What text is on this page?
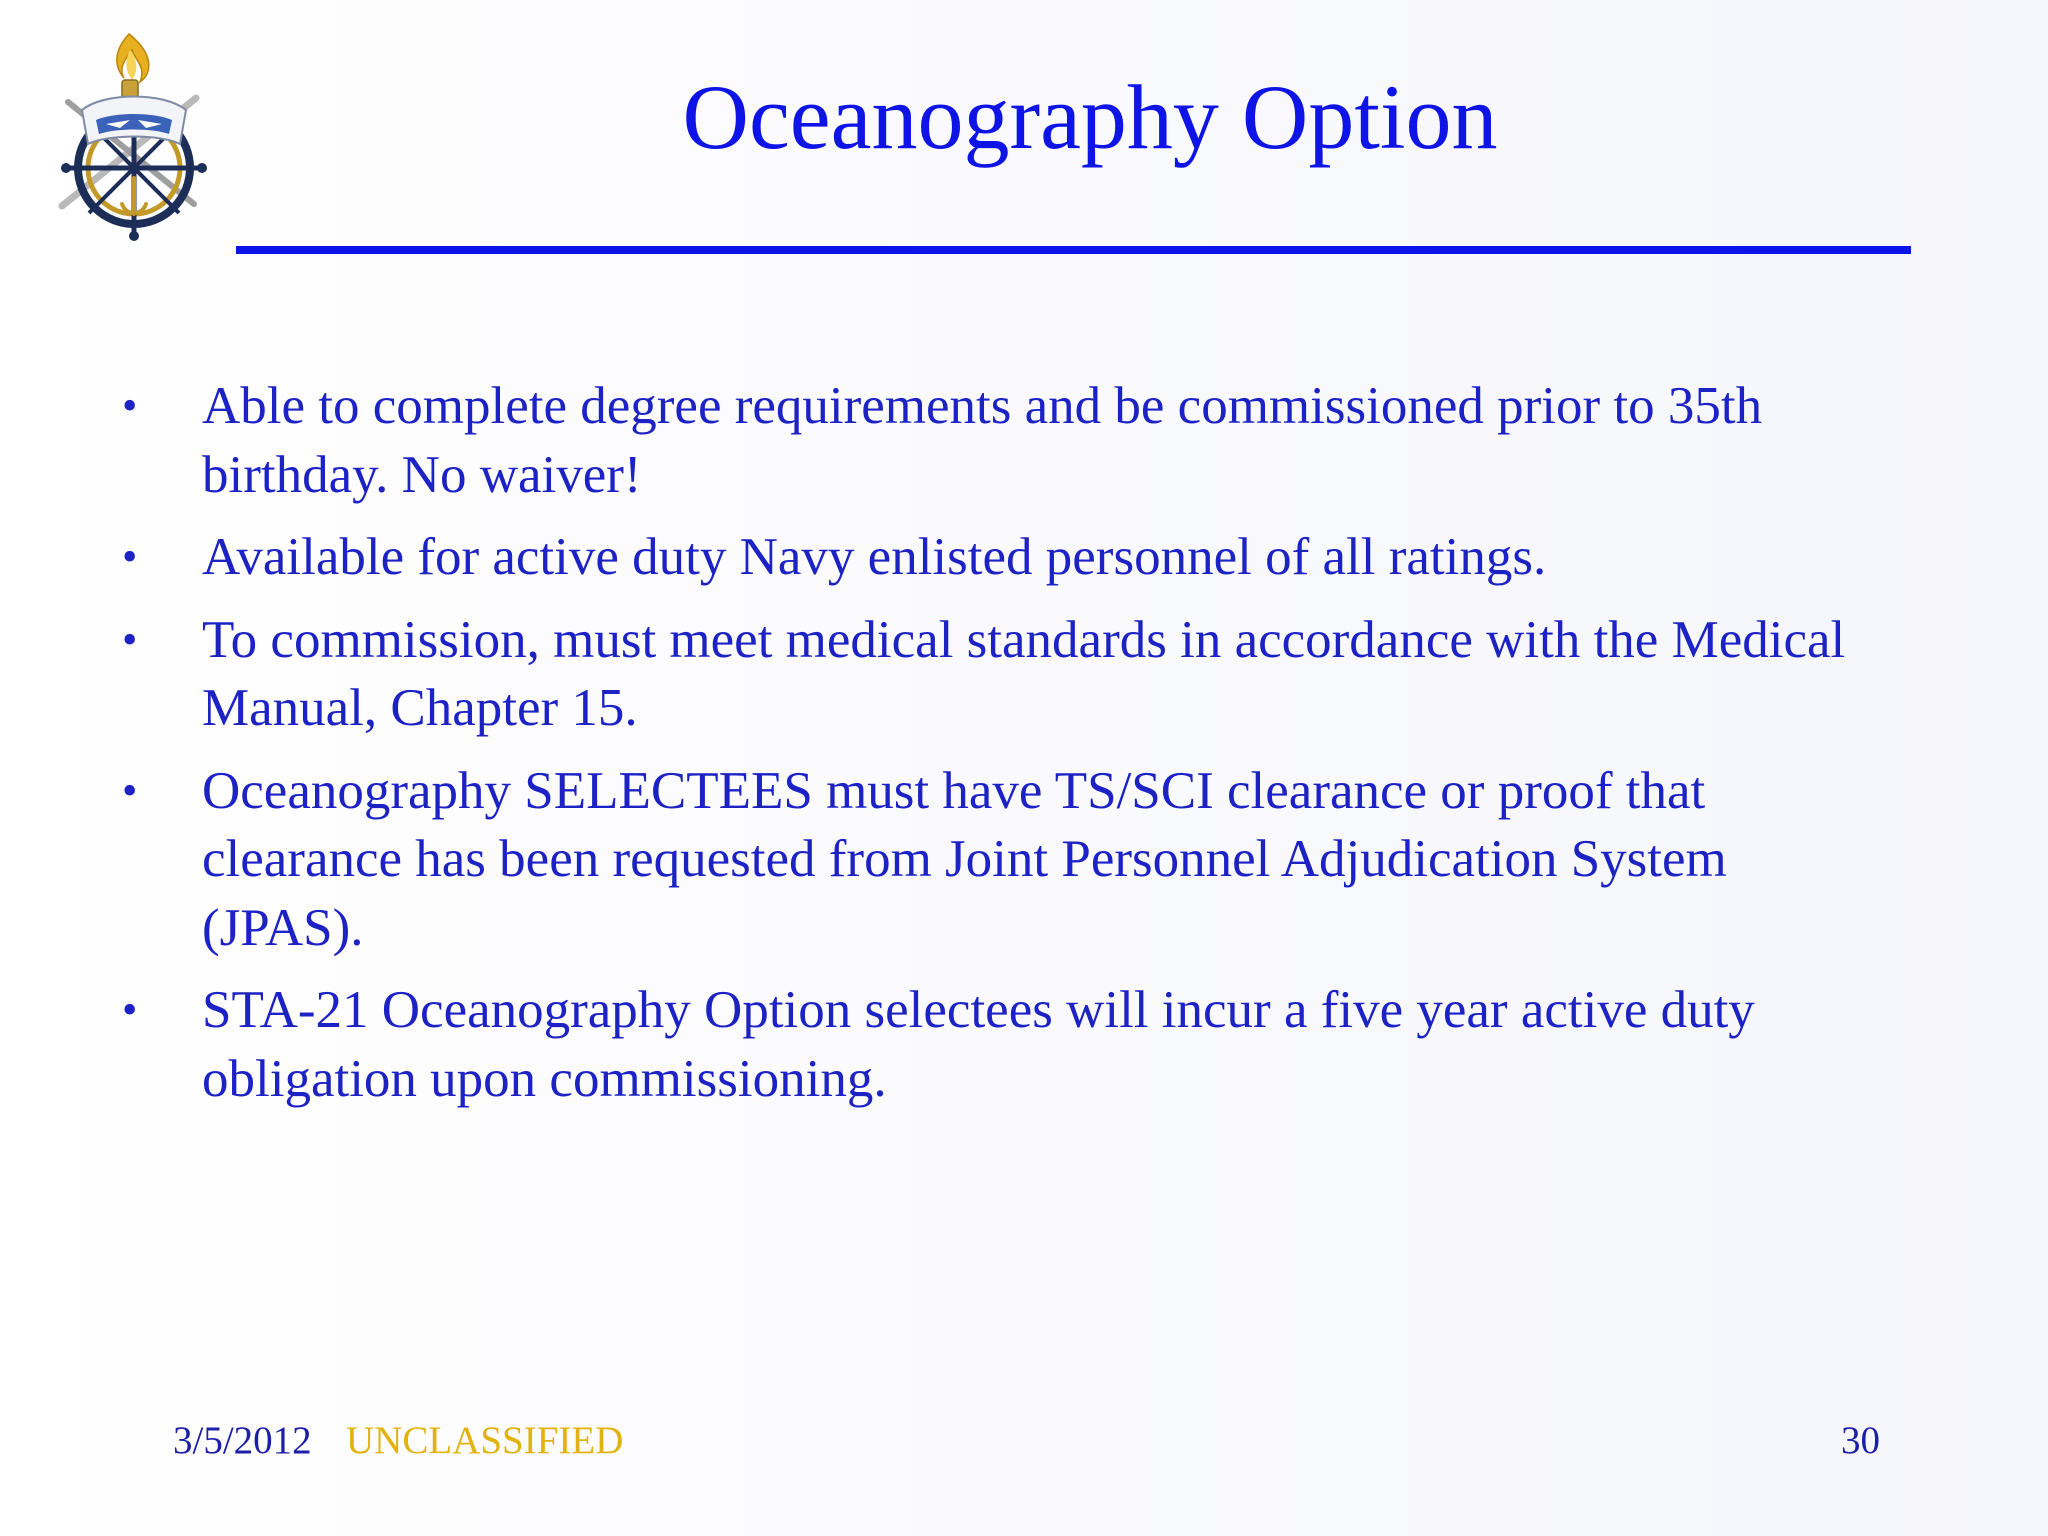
Oceanography Option
• Able to complete degree requirements and be commissioned prior to 35th birthday. No waiver!
• Available for active duty Navy enlisted personnel of all ratings.
• To commission, must meet medical standards in accordance with the Medical Manual, Chapter 15.
• Oceanography SELECTEES must have TS/SCI clearance or proof that clearance has been requested from Joint Personnel Adjudication System (JPAS).
• STA-21 Oceanography Option selectees will incur a five year active duty obligation upon commissioning.
3/5/2012 UNCLASSIFIED	30
